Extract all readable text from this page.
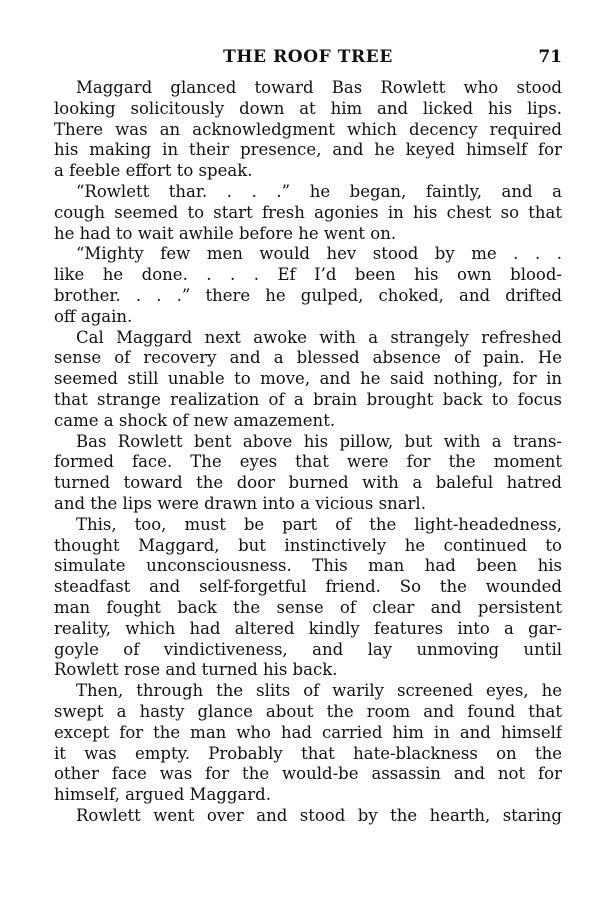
THE ROOF TREE	71
Maggard glanced toward Bas Rowlett who stood
looking solicitously down at him and licked his lips.
There was an acknowledgment which decency required
his making in their presence, and he keyed himself for
a feeble effort to speak.
“Rowlett thar. . . .” he began, faintly, and a
cough seemed to start fresh agonies in his chest so that
he had to wait awhile before he went on.
“Mighty few men would hev stood by me . . .
like he done. . . . Ef I’d been his own blood-
brother. . . .” there he gulped, choked, and drifted
off again.
Cal Maggard next awoke with a strangely refreshed
sense of recovery and a blessed absence of pain. He
seemed still unable to move, and he said nothing, for in
that strange realization of a brain brought back to focus
came a shock of new amazement.
Bas Rowlett bent above his pillow, but with a trans-
formed face. The eyes that were for the moment
turned toward the door burned with a baleful hatred
and the lips were drawn into a vicious snarl.
This, too, must be part of the light-headedness,
thought Maggard, but instinctively he continued to
simulate unconsciousness. This man had been his
steadfast and self-forgetful friend. So the wounded
man fought back the sense of clear and persistent
reality, which had altered kindly features into a gar-
goyle of vindictiveness, and lay unmoving until
Rowlett rose and turned his back.
Then, through the slits of warily screened eyes, he
swept a hasty glance about the room and found that
except for the man who had carried him in and himself
it was empty. Probably that hate-blackness on the
other face was for the would-be assassin and not for
himself, argued Maggard.
Rowlett went over and stood by the hearth, staring
